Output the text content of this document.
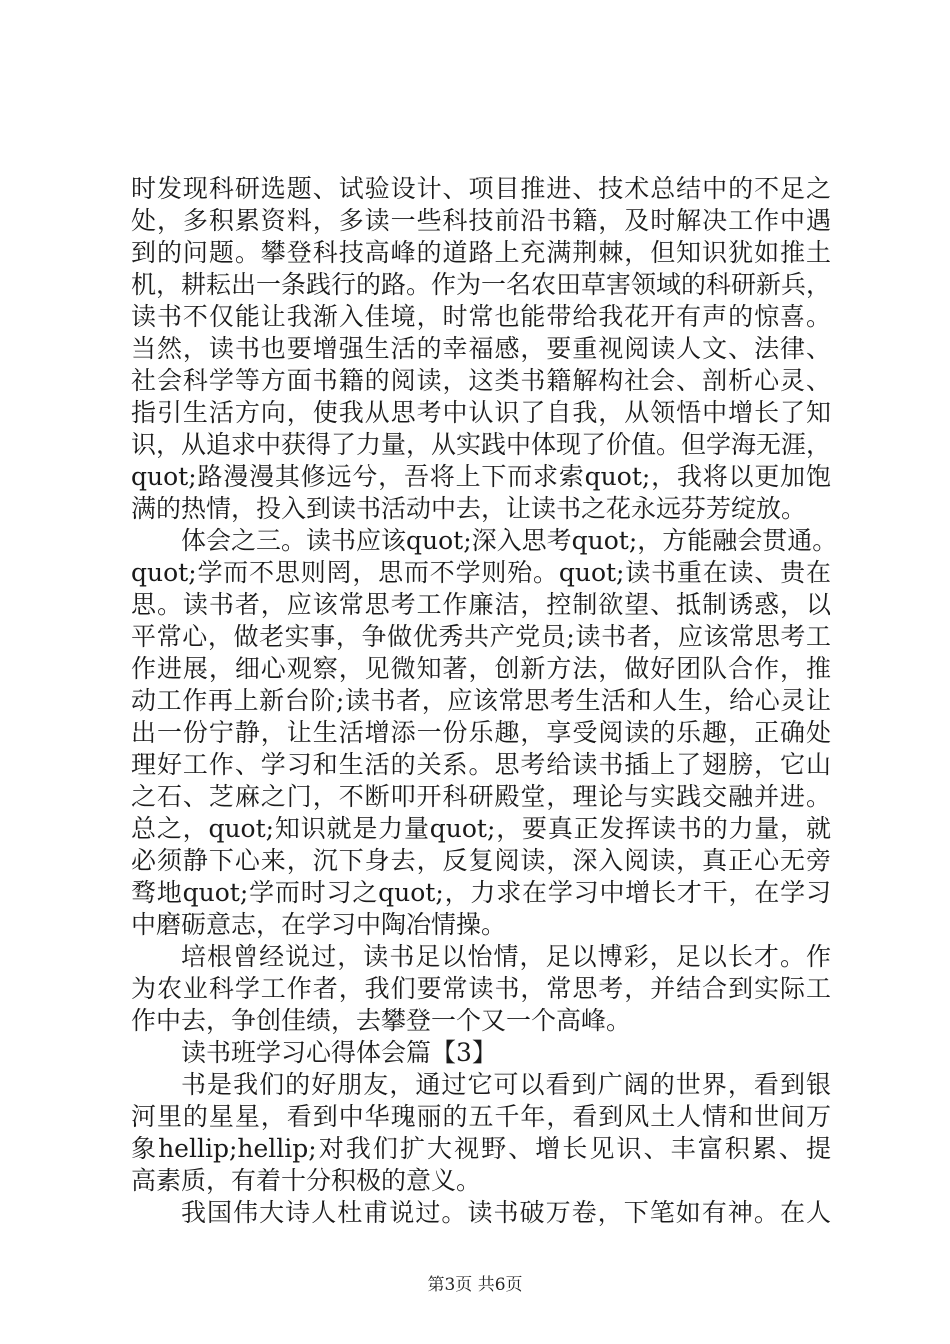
时发现科研选题、试验设计、项目推进、技术总结中的不足之
处，多积累资料，多读一些科技前沿书籍，及时解决工作中遇
到的问题。攀登科技高峰的道路上充满荆棘，但知识犹如推土
机，耕耘出一条践行的路。作为一名农田草害领域的科研新兵，
读书不仅能让我渐入佳境，时常也能带给我花开有声的惊喜。
当然，读书也要增强生活的幸福感，要重视阅读人文、法律、
社会科学等方面书籍的阅读，这类书籍解构社会、剖析心灵、
指引生活方向，使我从思考中认识了自我，从领悟中增长了知
识，从追求中获得了力量，从实践中体现了价值。但学海无涯，
quot;路漫漫其修远兮，吾将上下而求索quot;，我将以更加饱
满的热情，投入到读书活动中去，让读书之花永远芬芳绽放。
体会之三。读书应该quot;深入思考quot;，方能融会贯通。
quot;学而不思则罔，思而不学则殆。quot;读书重在读、贵在
思。读书者，应该常思考工作廉洁，控制欲望、抵制诱惑，以
平常心，做老实事，争做优秀共产党员;读书者，应该常思考工
作进展，细心观察，见微知著，创新方法，做好团队合作，推
动工作再上新台阶;读书者，应该常思考生活和人生，给心灵让
出一份宁静，让生活增添一份乐趣，享受阅读的乐趣，正确处
理好工作、学习和生活的关系。思考给读书插上了翅膀，它山
之石、芝麻之门，不断叩开科研殿堂，理论与实践交融并进。
总之，quot;知识就是力量quot;，要真正发挥读书的力量，就
必须静下心来，沉下身去，反复阅读，深入阅读，真正心无旁
骛地quot;学而时习之quot;，力求在学习中增长才干，在学习
中磨砺意志，在学习中陶冶情操。
培根曾经说过，读书足以怡情，足以博彩，足以长才。作
为农业科学工作者，我们要常读书，常思考，并结合到实际工
作中去，争创佳绩，去攀登一个又一个高峰。
读书班学习心得体会篇【3】
书是我们的好朋友，通过它可以看到广阔的世界，看到银
河里的星星，看到中华瑰丽的五千年，看到风土人情和世间万
象hellip;hellip;对我们扩大视野、增长见识、丰富积累、提
高素质，有着十分积极的意义。
我国伟大诗人杜甫说过。读书破万卷，下笔如有神。在人
第3页 共6页
